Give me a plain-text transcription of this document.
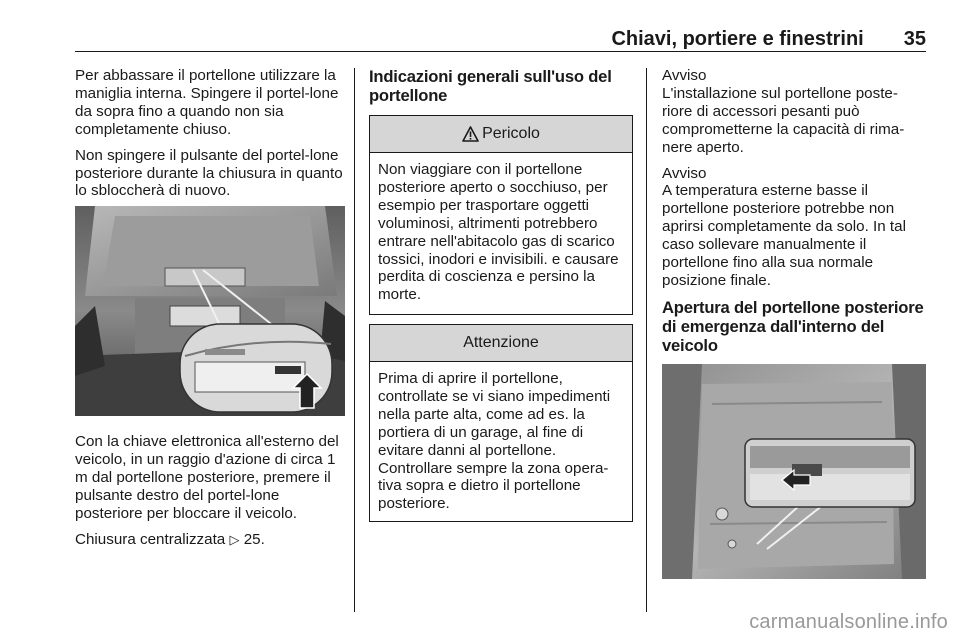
Chiavi, portiere e finestrini 35

Per abbassare il portellone utilizzare la maniglia interna. Spingere il portel-lone da sopra fino a quando non sia completamente chiuso.

Non spingere il pulsante del portel-lone posteriore durante la chiusura in quanto lo sbloccherà di nuovo.

Con la chiave elettronica all'esterno del veicolo, in un raggio d'azione di circa 1 m dal portellone posteriore, premere il pulsante destro del portel-lone posteriore per bloccare il veicolo.

Chiusura centralizzata ▷ 25.

Indicazioni generali sull'uso del portellone
Pericolo
Non viaggiare con il portellone posteriore aperto o socchiuso, per esempio per trasportare oggetti voluminosi, altrimenti potrebbero entrare nell'abitacolo gas di scarico tossici, inodori e invisibili. e causare perdita di coscienza e persino la morte.
Attenzione
Prima di aprire il portellone, controllate se vi siano impedimenti nella parte alta, come ad es. la portiera di un garage, al fine di evitare danni al portellone. Controllare sempre la zona opera-tiva sopra e dietro il portellone posteriore.
Avviso

L'installazione sul portellone poste-riore di accessori pesanti può comprometterne la capacità di rima-nere aperto.

Avviso

A temperatura esterne basse il portellone posteriore potrebbe non aprirsi completamente da solo. In tal caso sollevare manualmente il portellone fino alla sua normale posizione finale.

Apertura del portellone posteriore di emergenza dall'interno del veicolo
carmanualsonline.info
